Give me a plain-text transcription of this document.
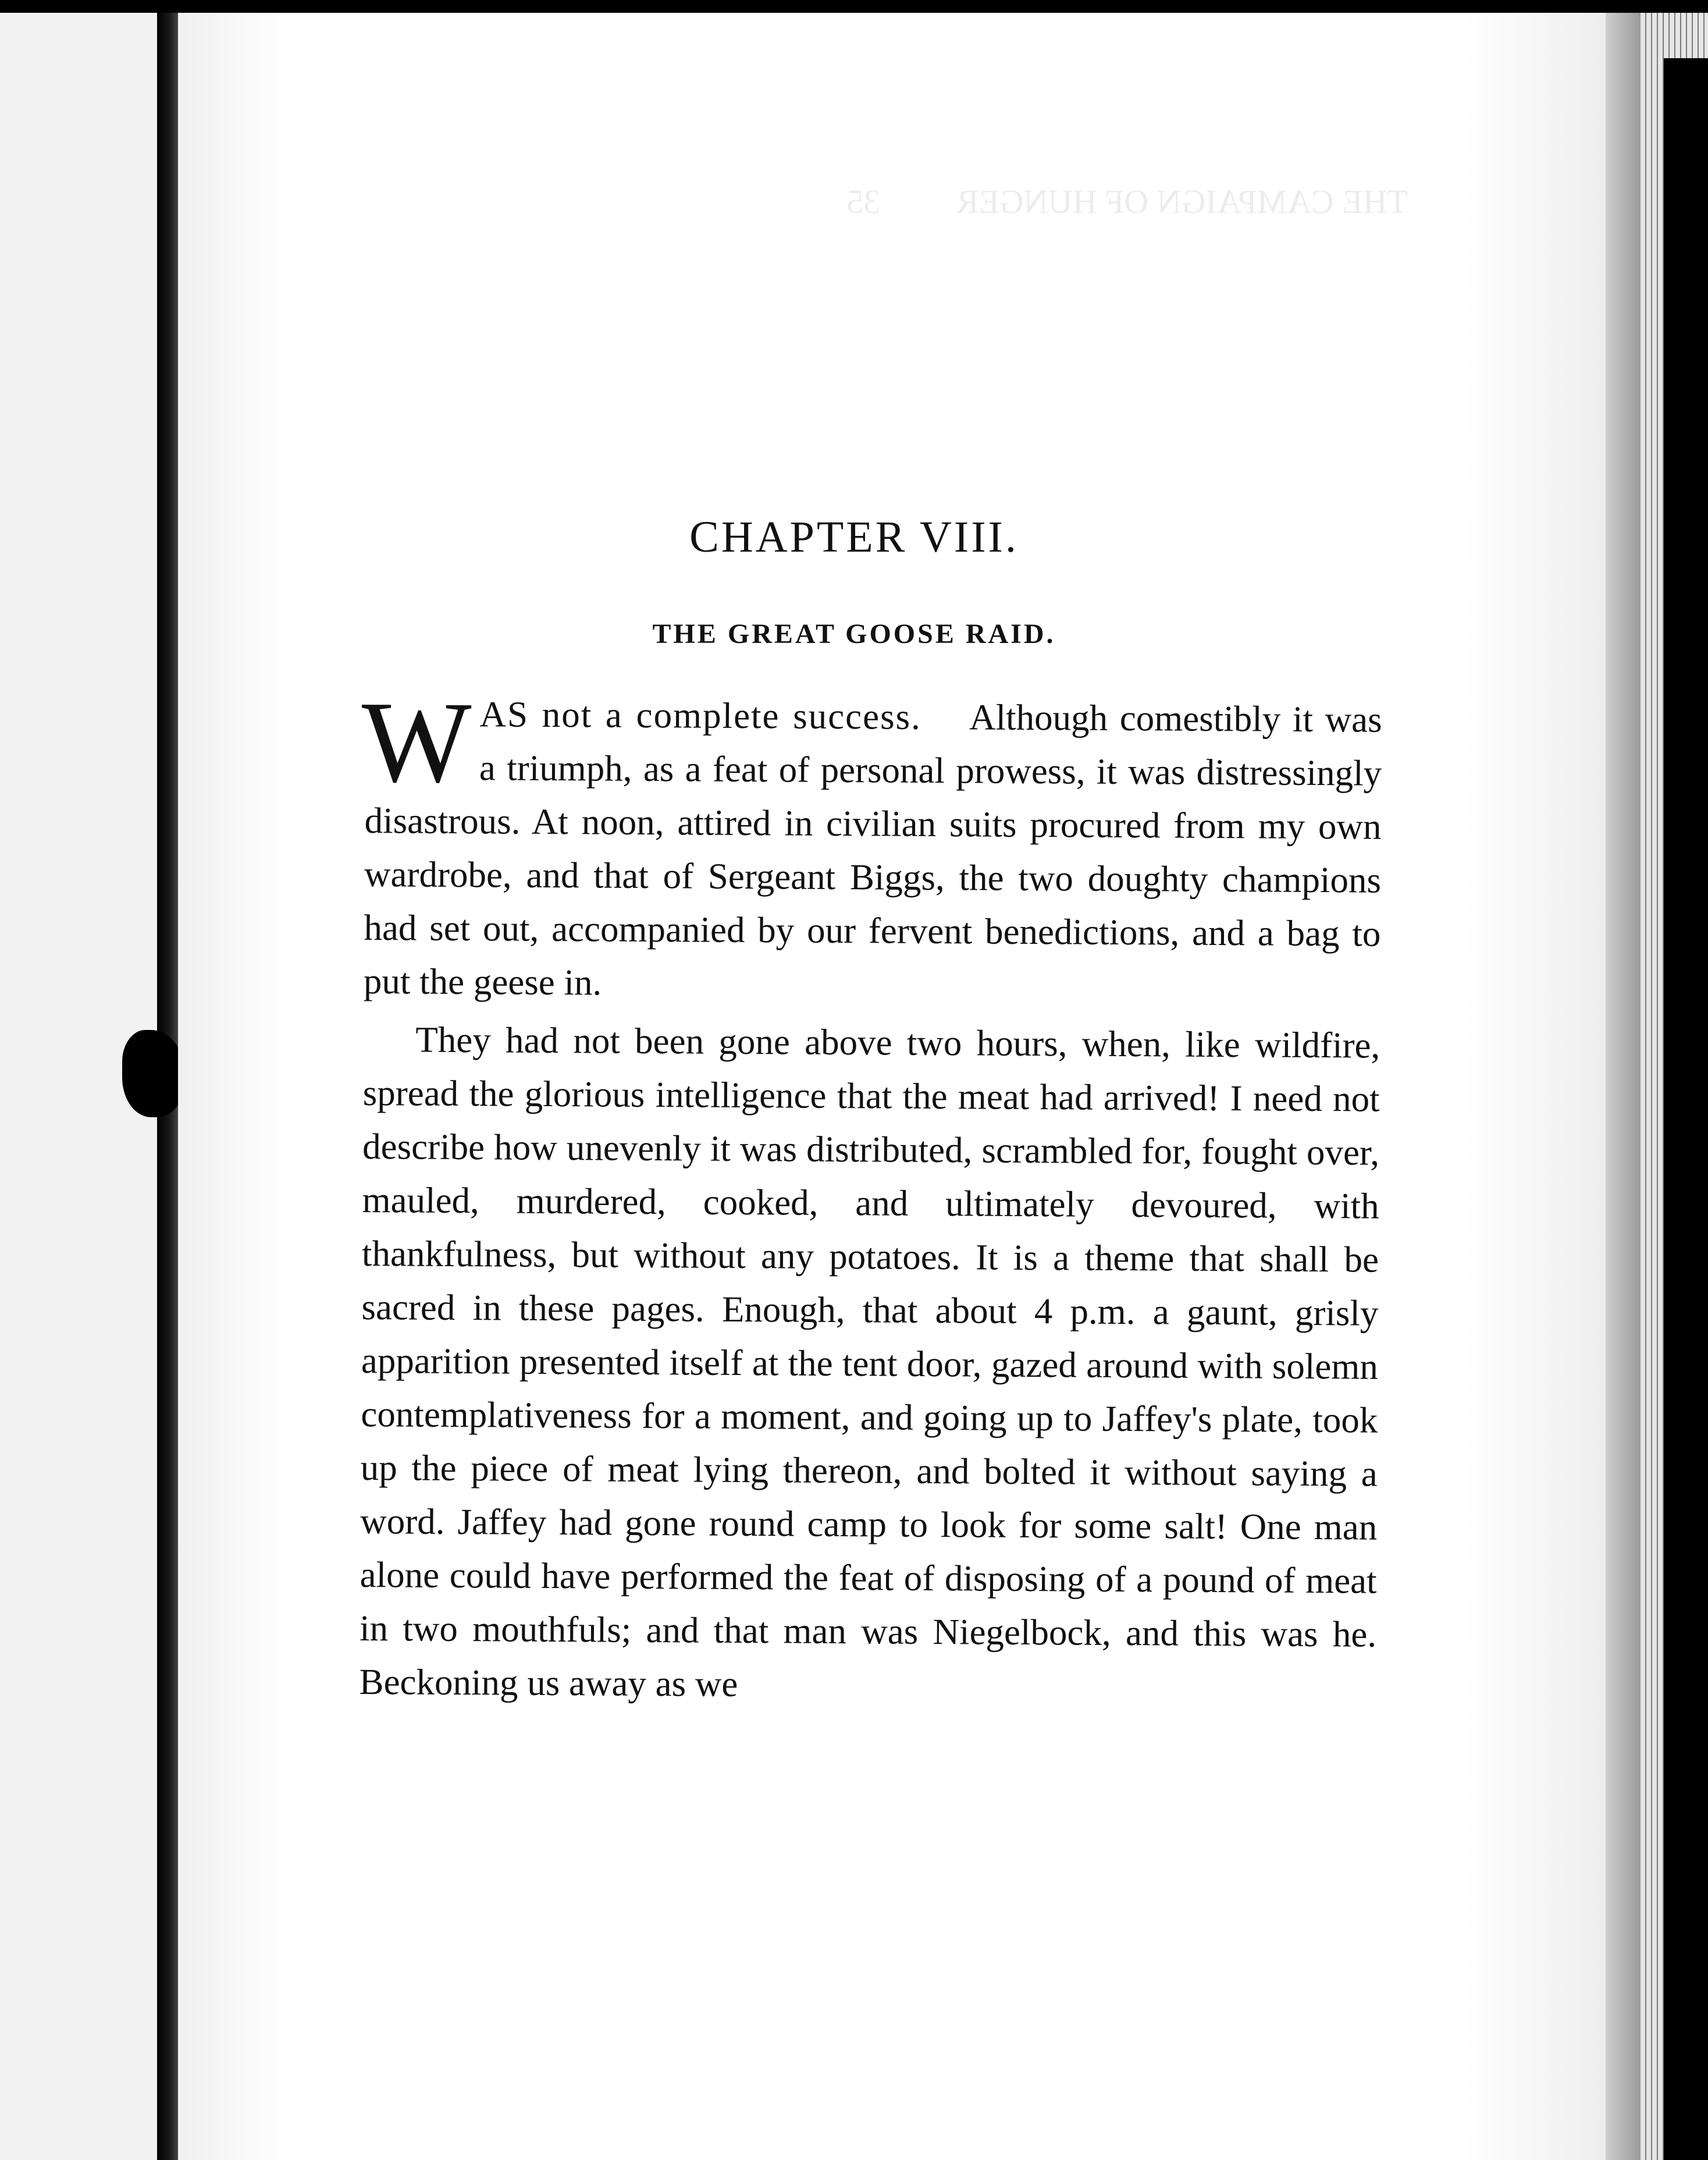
CHAPTER VIII.
THE GREAT GOOSE RAID.

W AS not a complete success.  Although comestibly it was a triumph, as a feat of personal prowess, it was distressingly disastrous. At noon, attired in civilian suits procured from my own wardrobe, and that of Sergeant Biggs, the two doughty champions had set out, accompanied by our fervent benedictions, and a bag to put the geese in.

They had not been gone above two hours, when, like wildfire, spread the glorious intelligence that the meat had arrived! I need not describe how unevenly it was distributed, scrambled for, fought over, mauled, murdered, cooked, and ultimately devoured, with thankfulness, but without any potatoes. It is a theme that shall be sacred in these pages. Enough, that about 4 p.m. a gaunt, grisly apparition presented itself at the tent door, gazed around with solemn contemplativeness for a moment, and going up to Jaffey's plate, took up the piece of meat lying thereon, and bolted it without saying a word. Jaffey had gone round camp to look for some salt! One man alone could have performed the feat of disposing of a pound of meat in two mouthfuls; and that man was Niegelbock, and this was he. Beckoning us away as we
